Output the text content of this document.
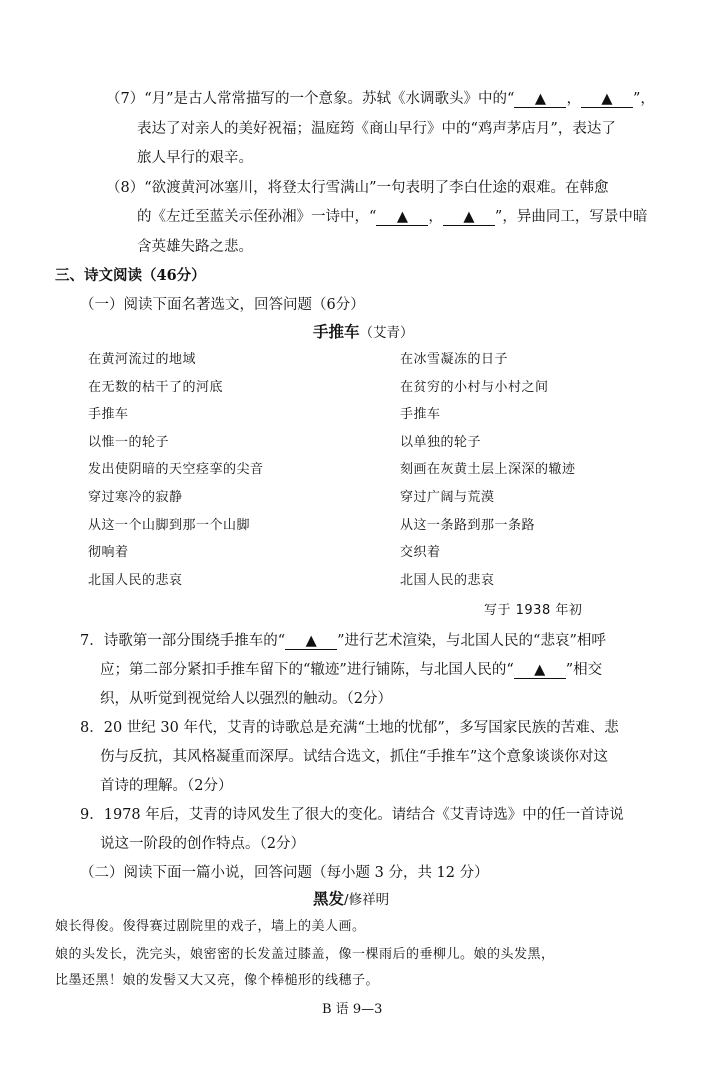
（7）“月”是古人常常描写的一个意象。苏轼《水调歌头》中的“ ▲ ， ▲ ”，
表达了对亲人的美好祝福；温庭筠《商山早行》中的“鸡声茅店月”，表达了
旅人早行的艰辛。
（8）“欲渡黄河冰塞川，将登太行雪满山”一句表明了李白仕途的艰难。在韩愈
的《左迁至蓝关示侄孙湘》一诗中，“ ▲ ， ▲ ”，异曲同工，写景中暗
含英雄失路之悲。
三、诗文阅读（46分）
（一）阅读下面名著选文，回答问题（6分）
手推车（艾青）
在黄河流过的地域
在无数的枯干了的河底
手推车
以惟一的轮子
发出使阴暗的天空痉挛的尖音
穿过寒冷的寂静
从这一个山脚到那一个山脚
彻响着
北国人民的悲哀
在冰雪凝冻的日子
在贫穷的小村与小村之间
手推车
以单独的轮子
刻画在灰黄土层上深深的辙迹
穿过广阔与荒漠
从这一条路到那一条路
交织着
北国人民的悲哀
写于 1938 年初
7．诗歌第一部分围绕手推车的“ ▲ ”进行艺术渲染，与北国人民的“悲哀”相呼
应；第二部分紧扣手推车留下的“辙迹”进行铺陈，与北国人民的“ ▲ ”相交
织，从听觉到视觉给人以强烈的触动。（2分）
8．20 世纪 30 年代，艾青的诗歌总是充满“土地的忧郁”，多写国家民族的苦难、悲
伤与反抗，其风格凝重而深厚。试结合选文，抓住“手推车”这个意象谈谈你对这
首诗的理解。（2分）
9．1978 年后，艾青的诗风发生了很大的变化。请结合《艾青诗选》中的任一首诗说
说这一阶段的创作特点。（2分）
（二）阅读下面一篇小说，回答问题（每小题 3 分，共 12 分）
黑发/修祥明
娘长得俊。俊得赛过剧院里的戏子，墙上的美人画。
娘的头发长，洗完头，娘密密的长发盖过膝盖，像一棵雨后的垂柳儿。娘的头发黑，
比墨还黑！娘的发髻又大又亮，像个棒槌形的线穗子。
B 语 9—3
